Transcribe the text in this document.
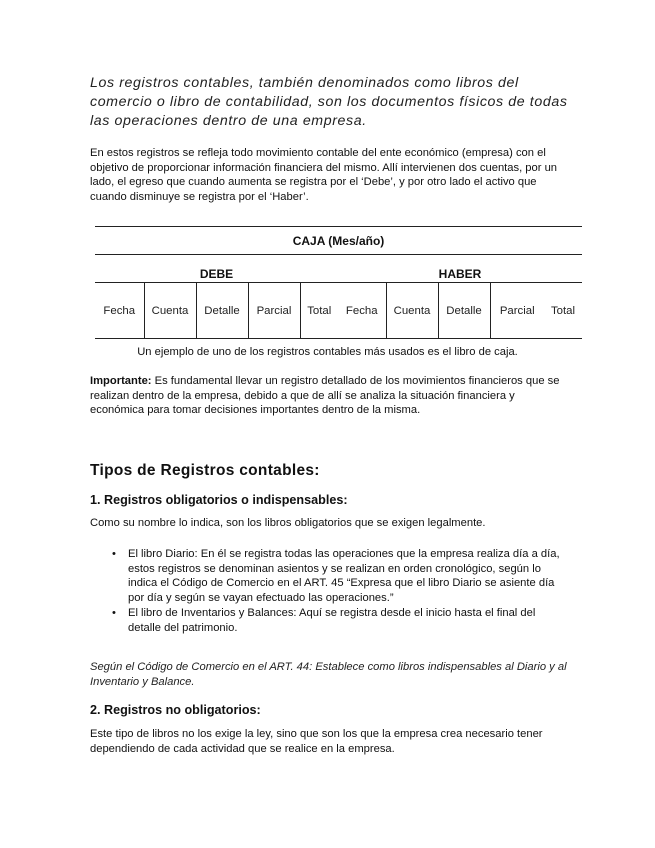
Los registros contables, también denominados como libros del comercio o libro de contabilidad, son los documentos físicos de todas las operaciones dentro de una empresa.
En estos registros se refleja todo movimiento contable del ente económico (empresa) con el objetivo de proporcionar información financiera del mismo. Allí intervienen dos cuentas, por un lado, el egreso que cuando aumenta se registra por el ‘Debe’, y por otro lado el activo que cuando disminuye se registra por el ‘Haber’.
CAJA (Mes/año)									
DEBE					HABER				
Fecha	Cuenta	Detalle	Parcial	Total	Fecha	Cuenta	Detalle	Parcial	Total
Un ejemplo de uno de los registros contables más usados es el libro de caja.
Importante: Es fundamental llevar un registro detallado de los movimientos financieros que se realizan dentro de la empresa, debido a que de allí se analiza la situación financiera y económica para tomar decisiones importantes dentro de la misma.
Tipos de Registros contables:
1. Registros obligatorios o indispensables:
Como su nombre lo indica, son los libros obligatorios que se exigen legalmente.
• El libro Diario: En él se registra todas las operaciones que la empresa realiza día a día, estos registros se denominan asientos y se realizan en orden cronológico, según lo indica el Código de Comercio en el ART. 45 “Expresa que el libro Diario se asiente día por día y según se vayan efectuado las operaciones.”
• El libro de Inventarios y Balances: Aquí se registra desde el inicio hasta el final del detalle del patrimonio.
Según el Código de Comercio en el ART. 44: Establece como libros indispensables al Diario y al Inventario y Balance.
2. Registros no obligatorios:
Este tipo de libros no los exige la ley, sino que son los que la empresa crea necesario tener dependiendo de cada actividad que se realice en la empresa.
